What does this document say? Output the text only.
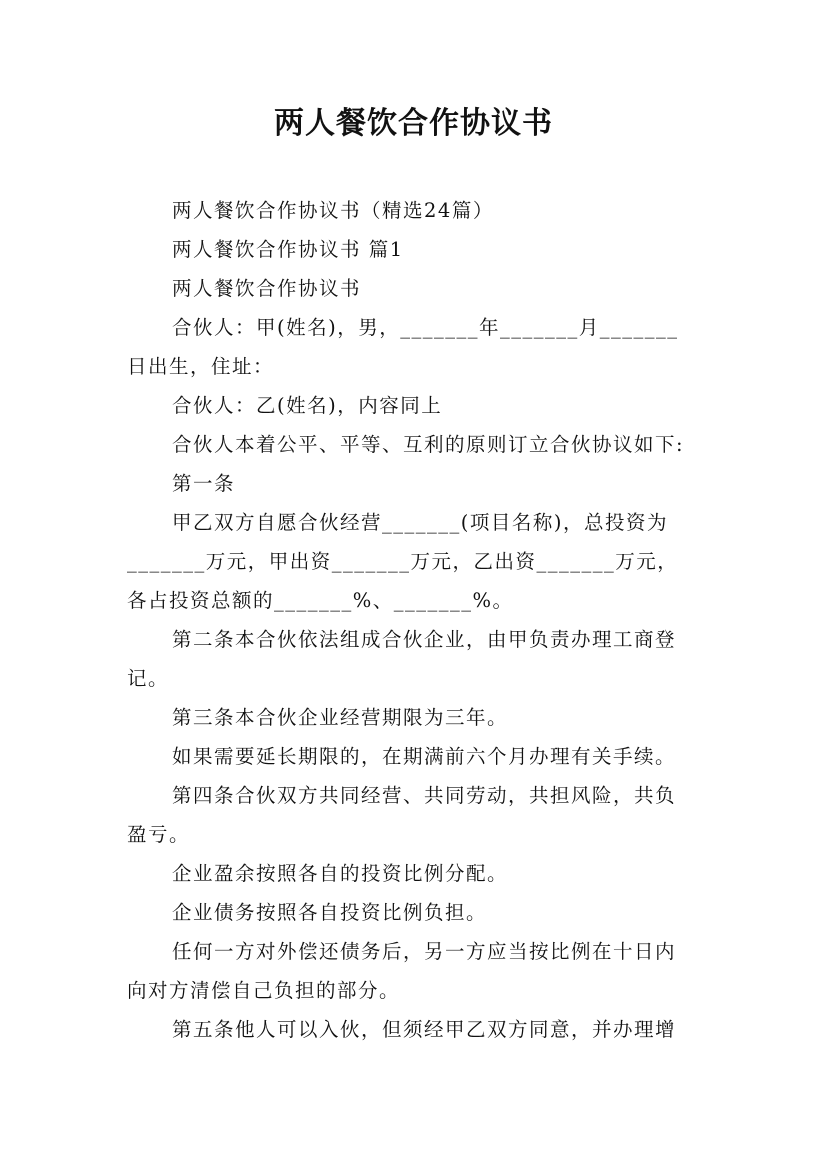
两人餐饮合作协议书
两人餐饮合作协议书（精选24篇）
两人餐饮合作协议书 篇1
两人餐饮合作协议书
合伙人：甲(姓名)，男，_______年_______月_______
日出生，住址：
合伙人：乙(姓名)，内容同上
合伙人本着公平、平等、互利的原则订立合伙协议如下:
第一条
甲乙双方自愿合伙经营_______(项目名称)，总投资为
_______万元，甲出资_______万元，乙出资_______万元，
各占投资总额的_______%、_______%。
第二条本合伙依法组成合伙企业，由甲负责办理工商登
记。
第三条本合伙企业经营期限为三年。
如果需要延长期限的，在期满前六个月办理有关手续。
第四条合伙双方共同经营、共同劳动，共担风险，共负
盈亏。
企业盈余按照各自的投资比例分配。
企业债务按照各自投资比例负担。
任何一方对外偿还债务后，另一方应当按比例在十日内
向对方清偿自己负担的部分。
第五条他人可以入伙，但须经甲乙双方同意，并办理增
